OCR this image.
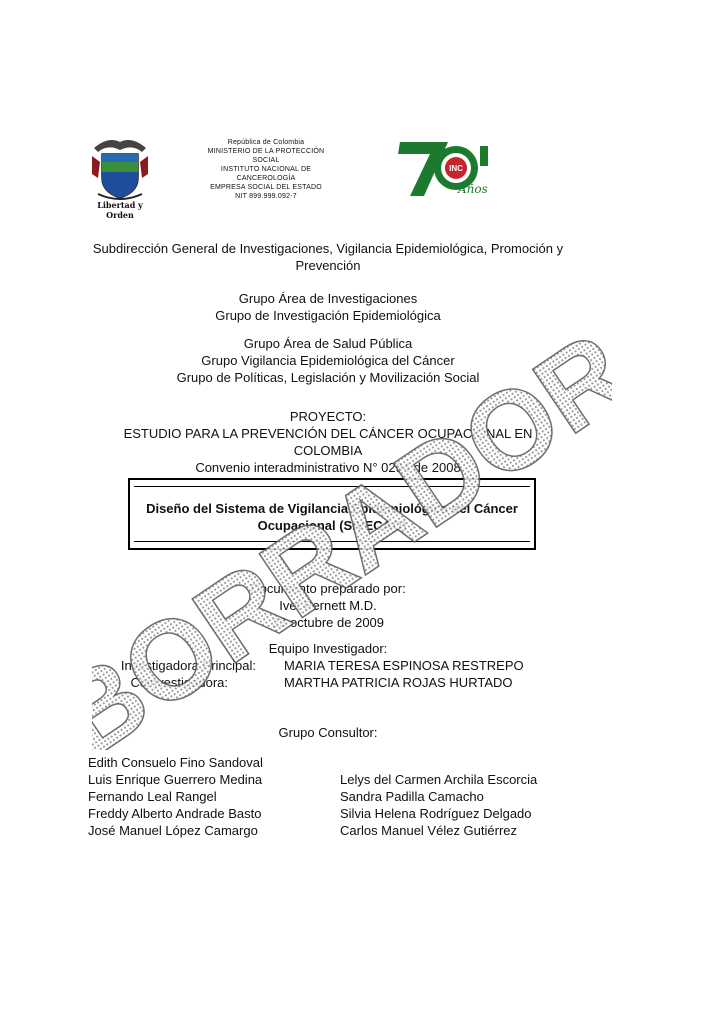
Libertad y Orden
República de Colombia
MINISTERIO DE LA PROTECCIÓN SOCIAL
INSTITUTO NACIONAL DE CANCEROLOGÍA
EMPRESA SOCIAL DEL ESTADO
NIT 899.999.092-7
INC
Años
Subdirección General de Investigaciones, Vigilancia Epidemiológica, Promoción y
Prevención
Grupo Área de Investigaciones
Grupo de Investigación Epidemiológica
Grupo Área de Salud Pública
Grupo Vigilancia Epidemiológica del Cáncer
Grupo de Políticas, Legislación y Movilización Social
PROYECTO:
ESTUDIO PARA LA PREVENCIÓN DEL CÁNCER OCUPACIONAL EN
COLOMBIA
Convenio interadministrativo N° 0294 de 2008
Diseño del Sistema de Vigilancia Epidemiológica del Cáncer
Ocupacional (SIVECAO)
Documento preparado por:
Ivet Pernett M.D.
23 octubre de 2009
Equipo Investigador:
Investigadora Principal: MARIA TERESA ESPINOSA RESTREPO
Coinvestigadora:	MARTHA PATRICIA ROJAS HURTADO
Grupo Consultor:
Edith Consuelo Fino Sandoval
Luis Enrique Guerrero Medina
Fernando Leal Rangel
Freddy Alberto Andrade Basto
José Manuel López Camargo
Lelys del Carmen Archila Escorcia
Sandra Padilla Camacho
Silvia Helena Rodríguez Delgado
Carlos Manuel Vélez Gutiérrez
BORRADOR
